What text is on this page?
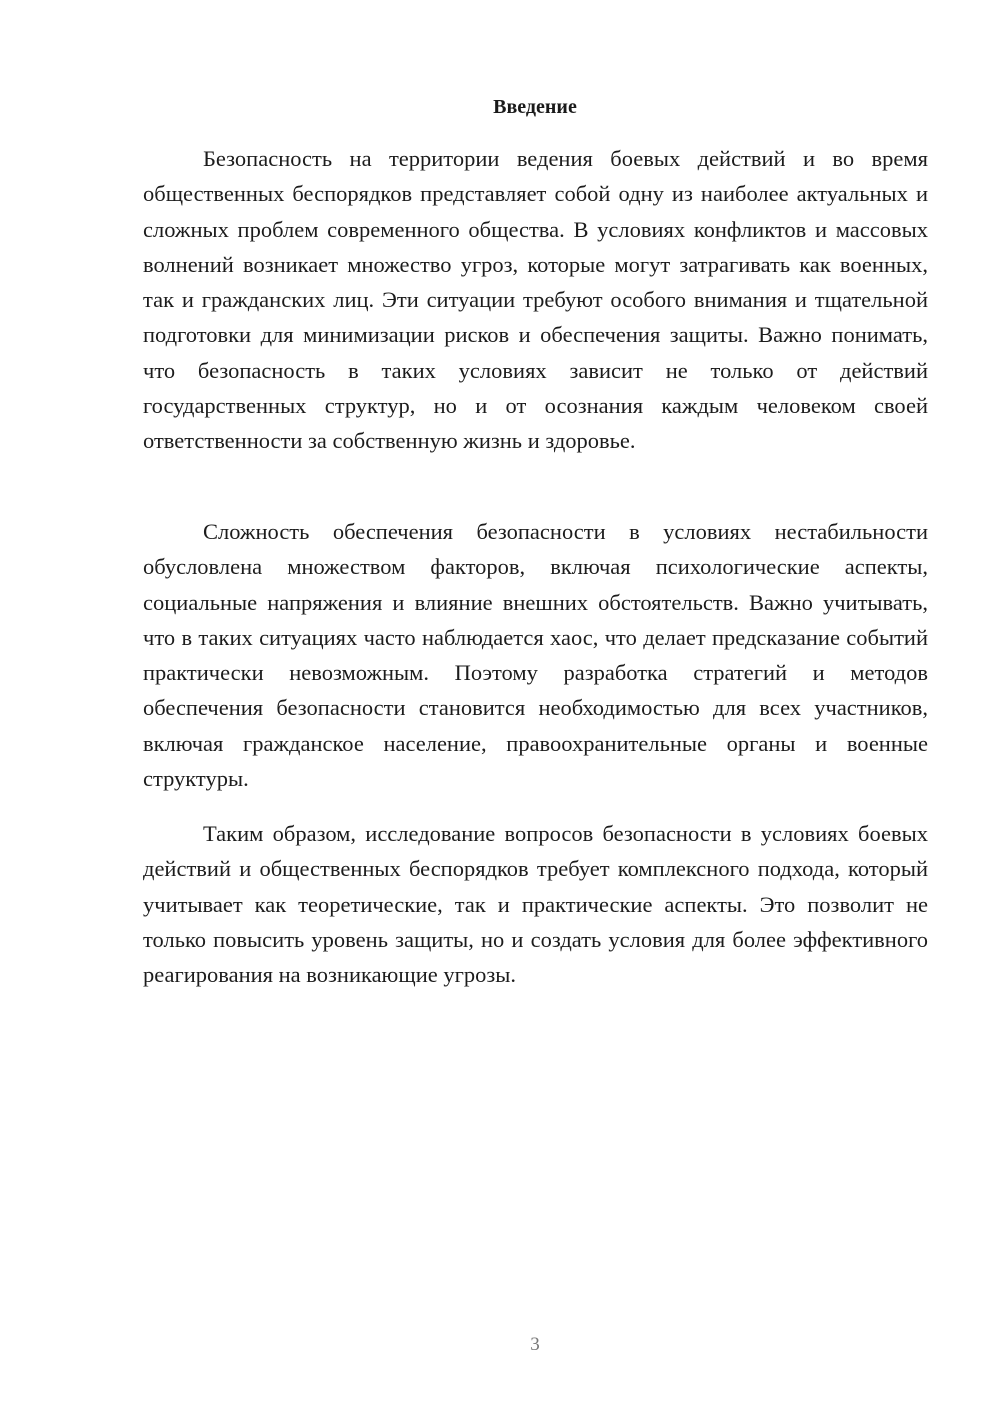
Введение

Безопасность на территории ведения боевых действий и во время общественных беспорядков представляет собой одну из наиболее актуальных и сложных проблем современного общества. В условиях конфликтов и массовых волнений возникает множество угроз, которые могут затрагивать как военных, так и гражданских лиц. Эти ситуации требуют особого внимания и тщательной подготовки для минимизации рисков и обеспечения защиты. Важно понимать, что безопасность в таких условиях зависит не только от действий государственных структур, но и от осознания каждым человеком своей ответственности за собственную жизнь и здоровье.

Сложность обеспечения безопасности в условиях нестабильности обусловлена множеством факторов, включая психологические аспекты, социальные напряжения и влияние внешних обстоятельств. Важно учитывать, что в таких ситуациях часто наблюдается хаос, что делает предсказание событий практически невозможным. Поэтому разработка стратегий и методов обеспечения безопасности становится необходимостью для всех участников, включая гражданское население, правоохранительные органы и военные структуры.

Таким образом, исследование вопросов безопасности в условиях боевых действий и общественных беспорядков требует комплексного подхода, который учитывает как теоретические, так и практические аспекты. Это позволит не только повысить уровень защиты, но и создать условия для более эффективного реагирования на возникающие угрозы.

3
